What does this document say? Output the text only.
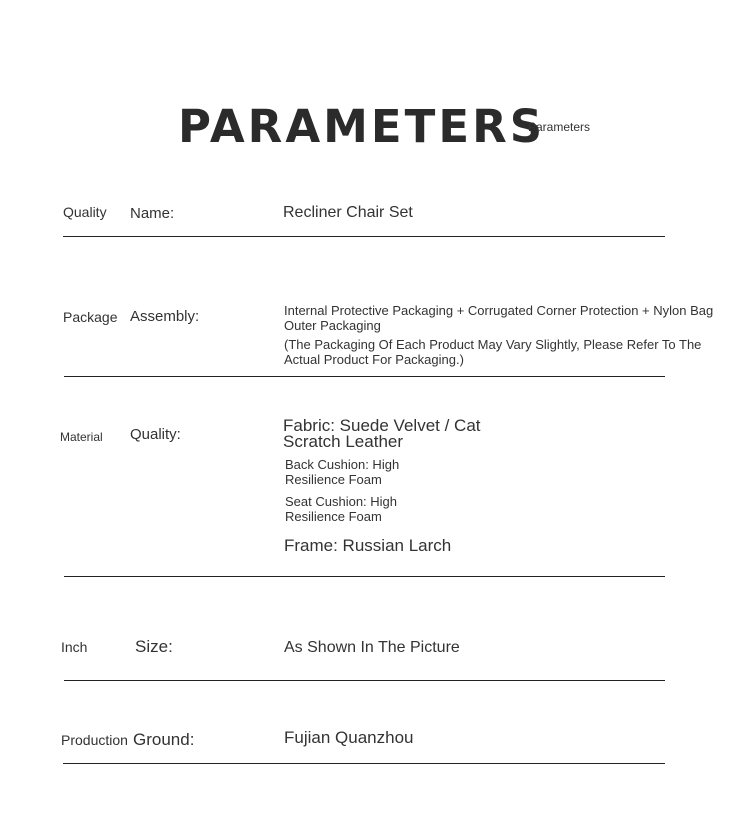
PARAMETERS
Parameters
Quality Name:	Recliner Chair Set
Package Assembly:	Internal Protective Packaging + Corrugated Corner Protection + Nylon Bag
Outer Packaging
(The Packaging Of Each Product May Vary Slightly, Please Refer To The
Actual Product For Packaging.)
Material Quality:	Fabric: Suede Velvet / Cat
Scratch Leather
Back Cushion: High
Resilience Foam
Seat Cushion: High
Resilience Foam
Frame: Russian Larch
Inch	Size:	As Shown In The Picture
Production Ground:	Fujian Quanzhou
